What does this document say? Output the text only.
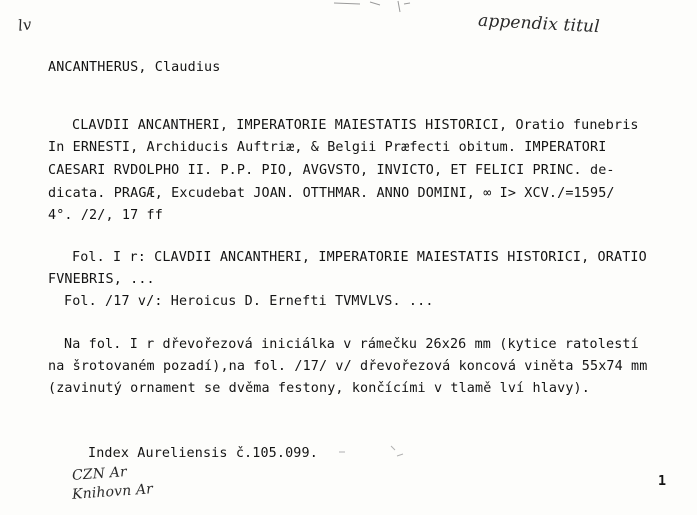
lv	appendix titul
ANCANTHERUS, Claudius
CLAVDII ANCANTHERI, IMPERATORIE MAIESTATIS HISTORICI, Oratio funebris
In ERNESTI, Archiducis Auftriæ, & Belgii Præfecti obitum. IMPERATORI
CAESARI RVDOLPHO II. P.P. PIO, AVGVSTO, INVICTO, ET FELICI PRINC. de-
dicata. PRAGÆ, Excudebat JOAN. OTTHMAR. ANNO DOMINI, ∞ I> XCV./=1595/
4°. /2/, 17 ff
Fol. I r: CLAVDII ANCANTHERI, IMPERATORIE MAIESTATIS HISTORICI, ORATIO
FVNEBRIS, ...
Fol. /17 v/: Heroicus D. Ernefti TVMVLVS. ...
Na fol. I r dřevořezová iniciálka v rámečku 26x26 mm (kytice ratolestí
na šrotovaném pozadí),na fol. /17/ v/ dřevořezová koncová viněta 55x74 mm
(zavinutý ornament se dvěma festony, končícími v tlamě lví hlavy).
Index Aureliensis č.105.099.
CZN Ar
Knihovn Ar	1
